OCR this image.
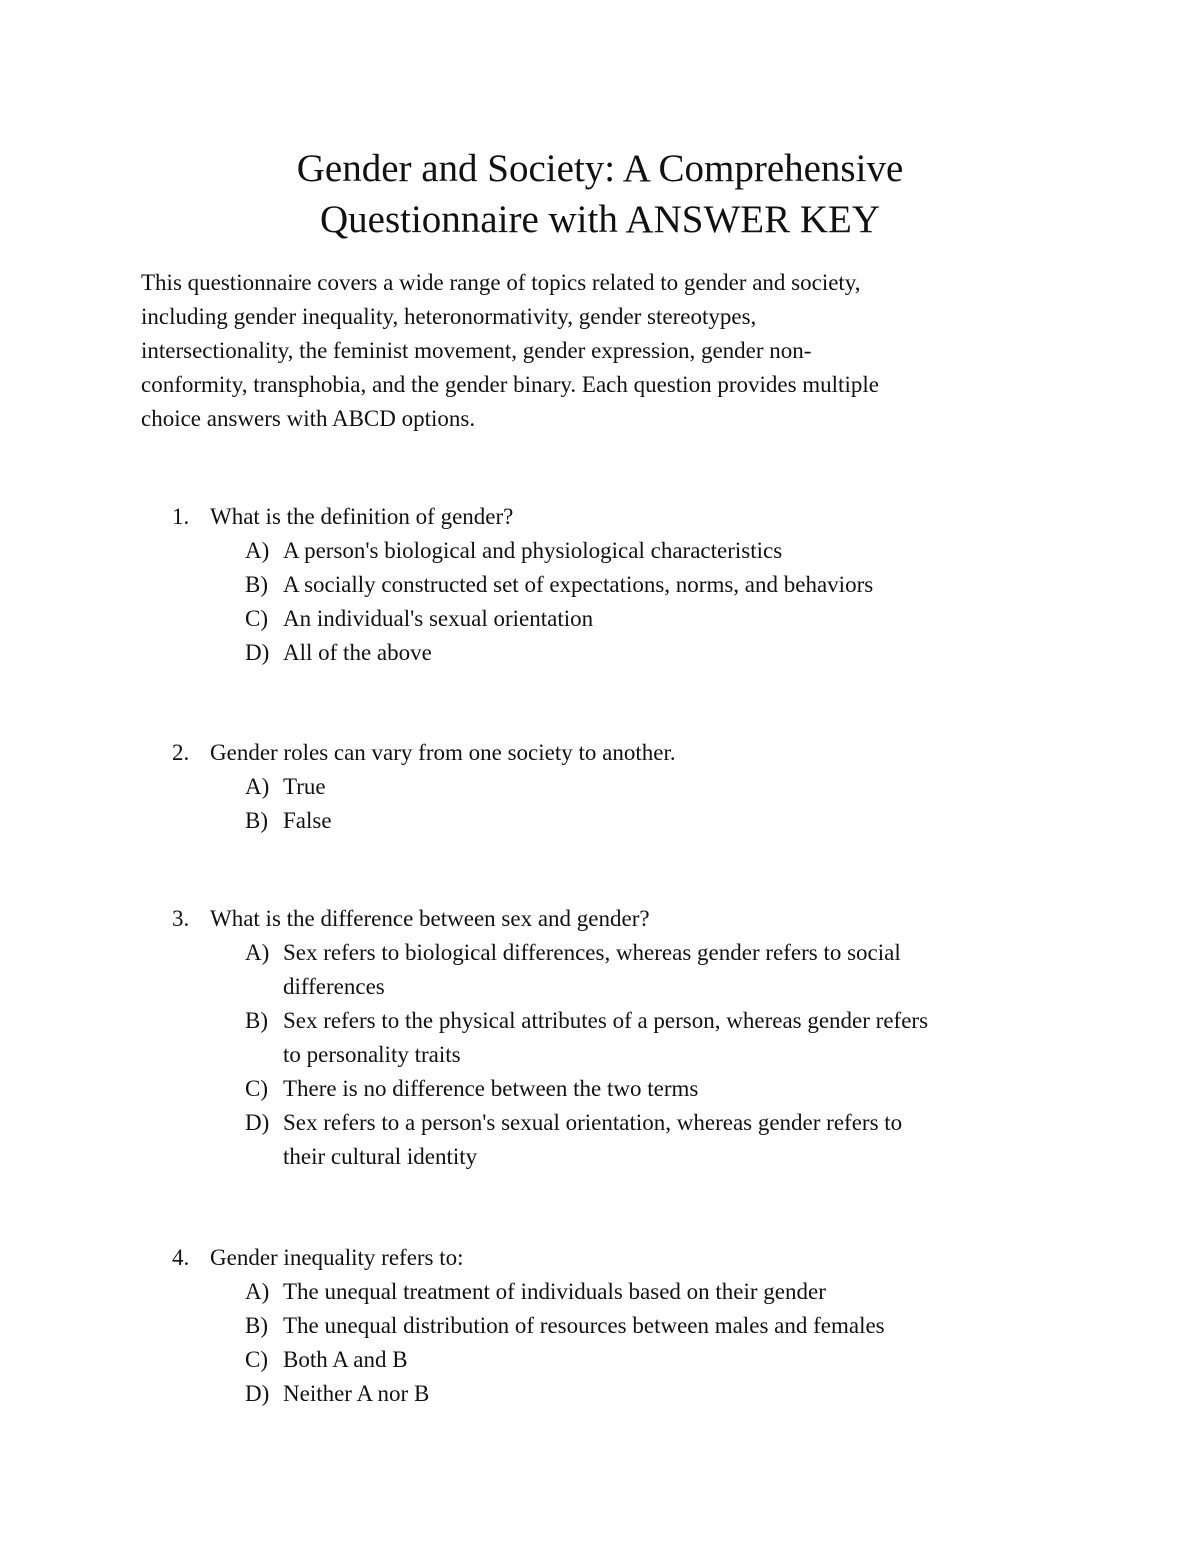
Gender and Society: A Comprehensive
Questionnaire with ANSWER KEY

This questionnaire covers a wide range of topics related to gender and society,
including gender inequality, heteronormativity, gender stereotypes,
intersectionality, the feminist movement, gender expression, gender non-
conformity, transphobia, and the gender binary. Each question provides multiple
choice answers with ABCD options.

1. What is the definition of gender?
A) A person's biological and physiological characteristics
B) A socially constructed set of expectations, norms, and behaviors
C) An individual's sexual orientation
D) All of the above
2. Gender roles can vary from one society to another.
A) True
B) False
3. What is the difference between sex and gender?
A) Sex refers to biological differences, whereas gender refers to social
differences
B) Sex refers to the physical attributes of a person, whereas gender refers
to personality traits
C) There is no difference between the two terms
D) Sex refers to a person's sexual orientation, whereas gender refers to
their cultural identity
4. Gender inequality refers to:
A) The unequal treatment of individuals based on their gender
B) The unequal distribution of resources between males and females
C) Both A and B
D) Neither A nor B
